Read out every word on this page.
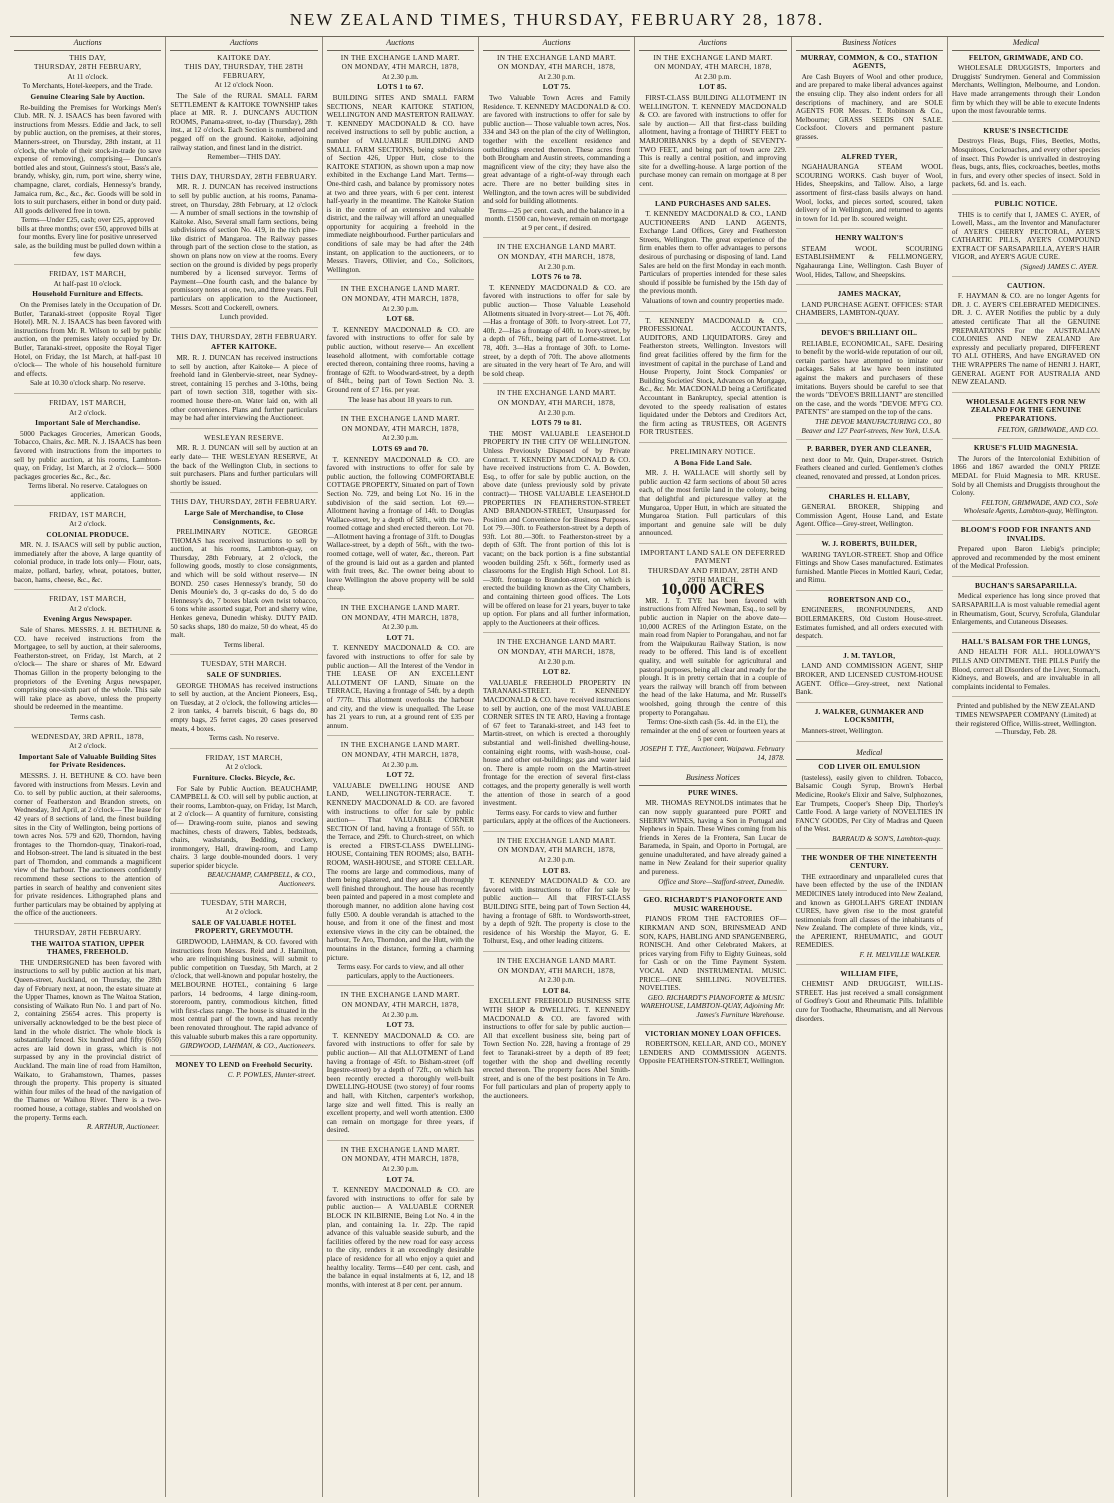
NEW ZEALAND TIMES, THURSDAY, FEBRUARY 28, 1878.
Auctions
THIS DAY,
THURSDAY, 28TH FEBRUARY,
At 11 o'clock.
To Merchants, Hotel-keepers, and the Trade.
Genuine Clearing Sale by Auction.
Re-building the Premises for Workings Men's Club. MR. N. J. ISAACS has been favored with instructions from Messrs. Eddie and Jack, to sell by public auction, on the premises, at their stores, Manners-street, on Thursday, 28th instant, at 11 o'clock, the whole of their stock-in-trade (to save expense of removing), comprising— Duncan's bottled ales and stout, Guinness's stout, Bass's ale, brandy, whisky, gin, rum, port wine, sherry wine, champagne, claret, cordials, Hennessy's brandy, Jamaica rum, &c., &c., &c. Goods will be sold in lots to suit purchasers, either in bond or duty paid. All goods delivered free in town.
Terms—Under £25, cash; over £25, approved bills at three months; over £50, approved bills at four months. Every line for positive unreserved sale, as the building must be pulled down within a few days.
FRIDAY, 1ST MARCH,
At half-past 10 o'clock.
Household Furniture and Effects.
On the Premises lately in the Occupation of Dr. Butler, Taranaki-street (opposite Royal Tiger Hotel). MR. N. J. ISAACS has been favored with instructions from Mr. R. Wilson to sell by public auction, on the premises lately occupied by Dr. Butler, Taranaki-street, opposite the Royal Tiger Hotel, on Friday, the 1st March, at half-past 10 o'clock— The whole of his household furniture and effects.
Sale at 10.30 o'clock sharp. No reserve.
FRIDAY, 1ST MARCH,
At 2 o'clock.
Important Sale of Merchandise.
5000 Packages Groceries, American Goods, Tobacco, Chairs, &c. MR. N. J. ISAACS has been favored with instructions from the importers to sell by public auction, at his rooms, Lambton-quay, on Friday, 1st March, at 2 o'clock— 5000 packages groceries &c., &c., &c.
Terms liberal. No reserve. Catalogues on application.
FRIDAY, 1ST MARCH,
At 2 o'clock.
COLONIAL PRODUCE.
MR. N. J. ISAACS will sell by public auction, immediately after the above, A large quantity of colonial produce, in trade lots only— Flour, oats, maize, pollard, barley, wheat, potatoes, butter, bacon, hams, cheese, &c., &c.
FRIDAY, 1ST MARCH,
At 2 o'clock.
Evening Argus Newspaper.
Sale of Shares. MESSRS. J. H. BETHUNE & CO. have received instructions from the Mortgagee, to sell by auction, at their salerooms, Featherston-street, on Friday, 1st March, at 2 o'clock— The share or shares of Mr. Edward Thomas Gillon in the property belonging to the proprietors of the Evening Argus newspaper, comprising one-sixth part of the whole. This sale will take place as above, unless the property should be redeemed in the meantime.
Terms cash.
WEDNESDAY, 3RD APRIL, 1878,
At 2 o'clock.
Important Sale of Valuable Building Sites for Private Residences.
MESSRS. J. H. BETHUNE & CO. have been favored with instructions from Messrs. Levin and Co. to sell by public auction, at their salerooms, corner of Featherston and Brandon streets, on Wednesday, 3rd April, at 2 o'clock— The lease for 42 years of 8 sections of land, the finest building sites in the City of Wellington, being portions of town acres Nos. 579 and 620, Thorndon, having frontages to the Thorndon-quay, Tinakori-road, and Hobson-street. The land is situated in the best part of Thorndon, and commands a magnificent view of the harbour. The auctioneers confidently recommend these sections to the attention of parties in search of healthy and convenient sites for private residences. Lithographed plans and further particulars may be obtained by applying at the office of the auctioneers.
THURSDAY, 28TH FEBRUARY.
THE WAITOA STATION, UPPER THAMES, FREEHOLD.
THE UNDERSIGNED has been favored with instructions to sell by public auction at his mart, Queen-street, Auckland, on Thursday, the 28th day of February next, at noon, the estate situate at the Upper Thames, known as The Waitoa Station, consisting of Waikato Run No. 1 and part of No. 2, containing 25654 acres. This property is universally acknowledged to be the best piece of land in the whole district. The whole block is substantially fenced. Six hundred and fifty (650) acres are laid down in grass, which is not surpassed by any in the provincial district of Auckland. The main line of road from Hamilton, Waikato, to Grahamstown, Thames, passes through the property. This property is situated within four miles of the head of the navigation of the Thames or Waihou River. There is a two-roomed house, a cottage, stables and woolshed on the property. Terms each.
R. ARTHUR, Auctioneer.
Auctions
KAITOKE DAY.
THIS DAY, THURSDAY, THE 28TH FEBRUARY,
At 12 o'clock Noon.
The Sale of the RURAL SMALL FARM SETTLEMENT & KAITOKE TOWNSHIP takes place at MR. R. J. DUNCAN'S AUCTION ROOMS, Panama-street, to-day (Thursday), 28th inst., at 12 o'clock. Each Section is numbered and pegged off on the ground. Kaitoke, adjoining railway station, and finest land in the district.
Remember—THIS DAY.
THIS DAY, THURSDAY, 28TH FEBRUARY.
MR. R. J. DUNCAN has received instructions to sell by public auction, at his rooms, Panama-street, on Thursday, 28th February, at 12 o'clock— A number of small sections in the township of Kaitoke. Also, Several small farm sections, being subdivisions of section No. 419, in the rich pine-like district of Mangaroa. The Railway passes through part of the section close to the station, as shown on plans now on view at the rooms. Every section on the ground is divided by pegs properly numbered by a licensed surveyor. Terms of Payment—One fourth cash, and the balance by promissory notes at one, two, and three years. Full particulars on application to the Auctioneer, Messrs. Scott and Cockerell, owners.
Lunch provided.
THIS DAY, THURSDAY, 28TH FEBRUARY.
AFTER KAITOKE.
MR. R. J. DUNCAN has received instructions to sell by auction, after Kaitoke— A piece of freehold land in Glenbervie-street, near Sydney-street, containing 15 perches and 3-10ths, being part of town section 318, together with six-roomed house there-on. Water laid on, with all other conveniences. Plans and further particulars may be had after interviewing the Auctioneer.
WESLEYAN RESERVE.
MR. R. J. DUNCAN will sell by auction at an early date— THE WESLEYAN RESERVE, At the back of the Wellington Club, in sections to suit purchasers. Plans and further particulars will shortly be issued.
THIS DAY, THURSDAY, 28TH FEBRUARY.
Large Sale of Merchandise, to Close Consignments, &c.
PRELIMINARY NOTICE. GEORGE THOMAS has received instructions to sell by auction, at his rooms, Lambton-quay, on Thursday, 28th February, at 2 o'clock, the following goods, mostly to close consignments, and which will be sold without reserve— IN BOND. 250 cases Hennessy's brandy, 50 do Denis Mounie's do, 3 qr-casks do do, 5 do do Hennessy's do, 7 boxes black own twist tobacco, 6 tons white assorted sugar, Port and sherry wine, Henkes geneva, Dunedin whisky. DUTY PAID. 50 sacks shaps, 180 do maize, 50 do wheat, 45 do malt.
Terms liberal.
TUESDAY, 5TH MARCH.
SALE OF SUNDRIES.
GEORGE THOMAS has received instructions to sell by auction, at the Ancient Pioneers, Esq., on Tuesday, at 2 o'clock, the following articles— 2 iron tanks, 4 barrels biscuit, 6 bags do, 80 empty bags, 25 ferret cages, 20 cases preserved meats, 4 boxes.
Terms cash. No reserve.
FRIDAY, 1ST MARCH,
At 2 o'clock.
Furniture. Clocks. Bicycle, &c.
For Sale by Public Auction. BEAUCHAMP, CAMPBELL & CO. will sell by public auction, at their rooms, Lambton-quay, on Friday, 1st March, at 2 o'clock— A quantity of furniture, consisting of— Drawing-room suite, pianos and sewing machines, chests of drawers, Tables, bedsteads, chairs, washstands, Bedding, crockery, ironmongery, Hall, drawing-room, and Lamp chairs. 3 large double-mounded doors. 1 very superior spider bicycle.
BEAUCHAMP, CAMPBELL, & CO., Auctioneers.
TUESDAY, 5TH MARCH,
At 2 o'clock.
SALE OF VALUABLE HOTEL PROPERTY, GREYMOUTH.
GIRDWOOD, LAHMAN, & CO. favored with instructions from Messrs. Reid and J. Hamilton, who are relinquishing business, will submit to public competition on Tuesday, 5th March, at 2 o'clock, that well-known and popular hostelry, the MELBOURNE HOTEL, containing 6 large parlors, 14 bedrooms, 4 large dining-room, storeroom, pantry, commodious kitchen, fitted with first-class range. The house is situated in the most central part of the town, and has recently been renovated throughout. The rapid advance of this valuable suburb makes this a rare opportunity.
GIRDWOOD, LAHMAN, & CO., Auctioneers.
MONEY TO LEND on Freehold Security.
C. P. POWLES, Hunter-street.
Auctions
IN THE EXCHANGE LAND MART.
ON MONDAY, 4TH MARCH, 1878,
At 2.30 p.m.
LOTS 1 to 67.
BUILDING SITES AND SMALL FARM SECTIONS, NEAR KAITOKE STATION, WELLINGTON AND MASTERTON RAILWAY. T. KENNEDY MACDONALD & CO. have received instructions to sell by public auction, a number of VALUABLE BUILDING AND SMALL FARM SECTIONS, being subdivisions of Section 426, Upper Hutt, close to the KAITOKE STATION, as shown upon a map now exhibited in the Exchange Land Mart. Terms—One-third cash, and balance by promissory notes at two and three years, with 6 per cent. interest half-yearly in the meantime. The Kaitoke Station is in the centre of an extensive and valuable district, and the railway will afford an unequalled opportunity for acquiring a freehold in the immediate neighbourhood. Further particulars and conditions of sale may be had after the 24th instant, on application to the auctioneers, or to Messrs. Travers, Ollivier, and Co., Solicitors, Wellington.
IN THE EXCHANGE LAND MART.
ON MONDAY, 4TH MARCH, 1878,
At 2.30 p.m.
LOT 68.
T. KENNEDY MACDONALD & CO. are favored with instructions to offer for sale by public auction, without reserve— An excellent leasehold allotment, with comfortable cottage erected thereon, containing three rooms, having a frontage of 62ft. to Woodward-street, by a depth of 84ft., being part of Town Section No. 3. Ground rent of £7 16s. per year.
The lease has about 18 years to run.
IN THE EXCHANGE LAND MART.
ON MONDAY, 4TH MARCH, 1878,
At 2.30 p.m.
LOTS 69 and 70.
T. KENNEDY MACDONALD & CO. are favored with instructions to offer for sale by public auction, the following COMFORTABLE COTTAGE PROPERTY, Situated on part of Town Section No. 729, and being Lot No. 16 in the subdivision of the said section. Lot 69.—Allotment having a frontage of 14ft. to Douglas Wallace-street, by a depth of 58ft., with the two-roomed cottage and shed erected thereon. Lot 70.—Allotment having a frontage of 31ft. to Douglas Wallace-street, by a depth of 56ft., with the two-roomed cottage, well of water, &c., thereon. Part of the ground is laid out as a garden and planted with fruit trees, &c. The owner being about to leave Wellington the above property will be sold cheap.
IN THE EXCHANGE LAND MART.
ON MONDAY, 4TH MARCH, 1878,
At 2.30 p.m.
LOT 71.
T. KENNEDY MACDONALD & CO. are favored with instructions to offer for sale by public auction— All the Interest of the Vendor in THE LEASE OF AN EXCELLENT ALLOTMENT OF LAND, Situate on the TERRACE, Having a frontage of 54ft. by a depth of 777ft. This allotment overlooks the harbour and city, and the view is unequalled. The Lease has 21 years to run, at a ground rent of £35 per annum.
IN THE EXCHANGE LAND MART.
ON MONDAY, 4TH MARCH, 1878,
At 2.30 p.m.
LOT 72.
VALUABLE DWELLING HOUSE AND LAND, WELLINGTON-TERRACE. T. KENNEDY MACDONALD & CO. are favored with instructions to offer for sale by public auction— That VALUABLE CORNER SECTION Of land, having a frontage of 55ft. to the Terrace, and 29ft. to Church-street, on which is erected a FIRST-CLASS DWELLING-HOUSE, Containing TEN ROOMS; also, BATH-ROOM, WASH-HOUSE, and STORE CELLAR. The rooms are large and commodious, many of them being plastered, and they are all thoroughly well finished throughout. The house has recently been painted and papered in a most complete and thorough manner, no addition alone having cost fully £500. A double verandah is attached to the house, and from it one of the finest and most extensive views in the city can be obtained, the harbour, Te Aro, Thorndon, and the Hutt, with the mountains in the distance, forming a charming picture.
Terms easy. For cards to view, and all other particulars, apply to the Auctioneers.
IN THE EXCHANGE LAND MART.
ON MONDAY, 4TH MARCH, 1878,
At 2.30 p.m.
LOT 73.
T. KENNEDY MACDONALD & CO. are favored with instructions to offer for sale by public auction— All that ALLOTMENT of Land having a frontage of 45ft. to Bisham-street (off Ingestre-street) by a depth of 72ft., on which has been recently erected a thoroughly well-built DWELLING-HOUSE (two storey) of four rooms and hall, with Kitchen, carpenter's workshop, large size and well fitted. This is really an excellent property, and well worth attention. £300 can remain on mortgage for three years, if desired.
IN THE EXCHANGE LAND MART.
ON MONDAY, 4TH MARCH, 1878,
At 2.30 p.m.
LOT 74.
T. KENNEDY MACDONALD & CO. are favored with instructions to offer for sale by public auction— A VALUABLE CORNER BLOCK IN KILBIRNIE, Being Lot No. 4 in the plan, and containing 1a. 1r. 22p. The rapid advance of this valuable seaside suburb, and the facilities offered by the new road for easy access to the city, renders it an exceedingly desirable place of residence for all who enjoy a quiet and healthy locality. Terms—£40 per cent. cash, and the balance in equal instalments at 6, 12, and 18 months, with interest at 8 per cent. per annum.
Auctions
IN THE EXCHANGE LAND MART.
ON MONDAY, 4TH MARCH, 1878,
At 2.30 p.m.
LOT 75.
Two Valuable Town Acres and Family Residence. T. KENNEDY MACDONALD & CO. are favored with instructions to offer for sale by public auction— Those valuable town acres, Nos. 334 and 343 on the plan of the city of Wellington, together with the excellent residence and outbuildings erected thereon. These acres front both Brougham and Austin streets, commanding a magnificent view of the city; they have also the great advantage of a right-of-way through each acre. There are no better building sites in Wellington, and the town acres will be subdivided and sold for building allotments.
Terms—25 per cent. cash, and the balance in a month. £1500 can, however, remain on mortgage at 9 per cent., if desired.
IN THE EXCHANGE LAND MART.
ON MONDAY, 4TH MARCH, 1878,
At 2.30 p.m.
LOTS 76 to 78.
T. KENNEDY MACDONALD & CO. are favored with instructions to offer for sale by public auction— Those Valuable Leasehold Allotments situated in Ivory-street— Lot 76, 40ft.—Has a frontage of 30ft. to Ivory-street. Lot 77, 40ft. 2—Has a frontage of 40ft. to Ivory-street, by a depth of 76ft., being part of Lorne-street. Lot 78, 40ft. 3—Has a frontage of 30ft. to Lorne-street, by a depth of 70ft. The above allotments are situated in the very heart of Te Aro, and will be sold cheap.
IN THE EXCHANGE LAND MART.
ON MONDAY, 4TH MARCH, 1878,
At 2.30 p.m.
LOTS 79 to 81.
THE MOST VALUABLE LEASEHOLD PROPERTY IN THE CITY OF WELLINGTON. Unless Previously Disposed of by Private Contract. T. KENNEDY MACDONALD & CO. have received instructions from C. A. Bowden, Esq., to offer for sale by public auction, on the above date (unless previously sold by private contract)— THOSE VALUABLE LEASEHOLD PROPERTIES IN FEATHERSTON-STREET AND BRANDON-STREET, Unsurpassed for Position and Convenience for Business Purposes. Lot 79.—30ft. to Featherston-street by a depth of 93ft. Lot 80.—30ft. to Featherston-street by a depth of 63ft. The front portion of this lot is vacant; on the back portion is a fine substantial wooden building 25ft. x 56ft., formerly used as classrooms for the English High School. Lot 81.—30ft. frontage to Brandon-street, on which is erected the building known as the City Chambers, and containing thirteen good offices. The Lots will be offered on lease for 21 years, buyer to take up option. For plans and all further information, apply to the Auctioneers at their offices.
IN THE EXCHANGE LAND MART.
ON MONDAY, 4TH MARCH, 1878,
At 2.30 p.m.
LOT 82.
VALUABLE FREEHOLD PROPERTY IN TARANAKI-STREET. T. KENNEDY MACDONALD & CO. have received instructions to sell by auction, one of the most VALUABLE CORNER SITES IN TE ARO, Having a frontage of 67 feet to Taranaki-street, and 143 feet to Martin-street, on which is erected a thoroughly substantial and well-finished dwelling-house, containing eight rooms, with wash-house, coal-house and other out-buildings; gas and water laid on. There is ample room on the Martin-street frontage for the erection of several first-class cottages, and the property generally is well worth the attention of those in search of a good investment.
Terms easy. For cards to view and further particulars, apply at the offices of the Auctioneers.
IN THE EXCHANGE LAND MART.
ON MONDAY, 4TH MARCH, 1878,
At 2.30 p.m.
LOT 83.
T. KENNEDY MACDONALD & CO. are favored with instructions to offer for sale by public auction— All that FIRST-CLASS BUILDING SITE, being part of Town Section 44, having a frontage of 68ft. to Wordsworth-street, by a depth of 92ft. The property is close to the residence of his Worship the Mayor, G. E. Tolhurst, Esq., and other leading citizens.
IN THE EXCHANGE LAND MART.
ON MONDAY, 4TH MARCH, 1878,
At 2.30 p.m.
LOT 84.
EXCELLENT FREEHOLD BUSINESS SITE WITH SHOP & DWELLING. T. KENNEDY MACDONALD & CO. are favored with instructions to offer for sale by public auction— All that excellent business site, being part of Town Section No. 228, having a frontage of 29 feet to Taranaki-street by a depth of 89 feet; together with the shop and dwelling recently erected thereon. The property faces Abel Smith-street, and is one of the best positions in Te Aro. For full particulars and plan of property apply to the auctioneers.
Auctions
IN THE EXCHANGE LAND MART.
ON MONDAY, 4TH MARCH, 1878,
At 2.30 p.m.
LOT 85.
FIRST-CLASS BUILDING ALLOTMENT IN WELLINGTON. T. KENNEDY MACDONALD & CO. are favored with instructions to offer for sale by auction— All that first-class building allotment, having a frontage of THIRTY FEET to MARJORIBANKS by a depth of SEVENTY-TWO FEET, and being part of town acre 229. This is really a central position, and improving site for a dwelling-house. A large portion of the purchase money can remain on mortgage at 8 per cent.
LAND PURCHASES AND SALES.
T. KENNEDY MACDONALD & CO., LAND AUCTIONEERS AND LAND AGENTS, Exchange Land Offices, Grey and Featherston Streets, Wellington. The great experience of the firm enables them to offer advantages to persons desirous of purchasing or disposing of land. Land Sales are held on the first Monday in each month. Particulars of properties intended for these sales should if possible be furnished by the 15th day of the previous month.
Valuations of town and country properties made.
T. KENNEDY MACDONALD & CO., PROFESSIONAL ACCOUNTANTS, AUDITORS, AND LIQUIDATORS. Grey and Featherston streets, Wellington. Investors will find great facilities offered by the firm for the investment of capital in the purchase of Land and House Property, Joint Stock Companies' or Building Societies' Stock, Advances on Mortgage, &c., &c. Mr. MACDONALD being a Certificated Accountant in Bankruptcy, special attention is devoted to the speedy realisation of estates liquidated under the Debtors and Creditors Act, the firm acting as TRUSTEES, OR AGENTS FOR TRUSTEES.
PRELIMINARY NOTICE.
A Bona Fide Land Sale.
MR. J. H. WALLACE will shortly sell by public auction 42 farm sections of about 50 acres each, of the most fertile land in the colony, being that delightful and picturesque valley at the Mungaroa, Upper Hutt, in which are situated the Mungaroa Station. Full particulars of this important and genuine sale will be duly announced.
IMPORTANT LAND SALE ON DEFERRED PAYMENT
THURSDAY AND FRIDAY, 28TH AND 29TH MARCH.
10,000 ACRES
MR. J. T. TYE has been favored with instructions from Alfred Newman, Esq., to sell by public auction in Napier on the above date— 10,000 ACRES of the Arlington Estate, on the main road from Napier to Porangahau, and not far from the Waipukurau Railway Station, is now ready to be offered. This land is of excellent quality, and well suitable for agricultural and pastoral purposes, being all clear and ready for the plough. It is in pretty certain that in a couple of years the railway will branch off from between the head of the lake Hatuma, and Mr. Russell's woolshed, going through the centre of this property to Porangahau.
Terms: One-sixth cash (5s. 4d. in the £1), the remainder at the end of seven or fourteen years at 5 per cent.
JOSEPH T. TYE, Auctioneer, Waipawa. February 14, 1878.
Business Notices
PURE WINES.
MR. THOMAS REYNOLDS intimates that he can now supply guaranteed pure PORT and SHERRY WINES, having a Son in Portugal and Nephews in Spain. These Wines coming from his friends in Xeres de la Frontera, San Lucar de Barameda, in Spain, and Oporto in Portugal, are genuine unadulterated, and have already gained a name in New Zealand for their superior quality and pureness.
Office and Store—Stafford-street, Dunedin.
GEO. RICHARDT'S PIANOFORTE AND MUSIC WAREHOUSE.
PIANOS FROM THE FACTORIES OF— KIRKMAN AND SON, BRINSMEAD AND SON, KAPS, HABLING AND SPANGENBERG, RONISCH. And other Celebrated Makers, at prices varying from Fifty to Eighty Guineas, sold for Cash or on the Time Payment System. VOCAL AND INSTRUMENTAL MUSIC. PRICE—ONE SHILLING. NOVELTIES. NOVELTIES.
GEO. RICHARDT'S PIANOFORTE & MUSIC WAREHOUSE, LAMBTON-QUAY, Adjoining Mr. James's Furniture Warehouse.
VICTORIAN MONEY LOAN OFFICES.
ROBERTSON, KELLAR, AND CO., MONEY LENDERS AND COMMISSION AGENTS. Opposite FEATHERSTON-STREET, Wellington.
Business Notices
MURRAY, COMMON, & CO., STATION AGENTS,
Are Cash Buyers of Wool and other produce, and are prepared to make liberal advances against the ensuing clip. They also indent orders for all descriptions of machinery, and are SOLE AGENTS FOR Messrs. T. Robinson & Co., Melbourne; GRASS SEEDS ON SALE. Cocksfoot. Clovers and permanent pasture grasses.
ALFRED TYER,
NGAHAURANGA STEAM WOOL SCOURING WORKS. Cash buyer of Wool, Hides, Sheepskins, and Tallow. Also, a large assortment of first-class basils always on hand. Wool, locks, and pieces sorted, scoured, taken delivery of in Wellington, and returned to agents in town for 1d. per lb. scoured weight.
HENRY WALTON'S
STEAM WOOL SCOURING ESTABLISHMENT & FELLMONGERY, Ngahauranga Line, Wellington. Cash Buyer of Wool, Hides, Tallow, and Sheepskins.
JAMES MACKAY,
LAND PURCHASE AGENT. OFFICES: STAR CHAMBERS, LAMBTON-QUAY.
DEVOE'S BRILLIANT OIL.
RELIABLE, ECONOMICAL, SAFE. Desiring to benefit by the world-wide reputation of our oil, certain parties have attempted to imitate our packages. Sales at law have been instituted against the makers and purchasers of these imitations. Buyers should be careful to see that the words "DEVOE'S BRILLIANT" are stencilled on the case, and the words "DEVOE M'F'G CO. PATENTS" are stamped on the top of the cans.
THE DEVOE MANUFACTURING CO., 80 Beaver and 127 Pearl-streets, New York, U.S.A.
P. BARBER, DYER AND CLEANER,
next door to Mr. Quin, Draper-street. Ostrich Feathers cleaned and curled. Gentlemen's clothes cleaned, renovated and pressed, at London prices.
CHARLES H. ELLABY,
GENERAL BROKER, Shipping and Commission Agent, House Land, and Estate Agent. Office—Grey-street, Wellington.
W. J. ROBERTS, BUILDER,
WARING TAYLOR-STREET. Shop and Office Fittings and Show Cases manufactured. Estimates furnished. Mantle Pieces in Mottled Kauri, Cedar, and Rimu.
ROBERTSON AND CO.,
ENGINEERS, IRONFOUNDERS, AND BOILERMAKERS, Old Custom House-street. Estimates furnished, and all orders executed with despatch.
J. M. TAYLOR,
LAND AND COMMISSION AGENT, SHIP BROKER, AND LICENSED CUSTOM-HOUSE AGENT. Office—Grey-street, next National Bank.
J. WALKER, GUNMAKER AND LOCKSMITH,
Manners-street, Wellington.
Medical
COD LIVER OIL EMULSION
(tasteless), easily given to children. Tobacco, Balsamic Cough Syrup, Brown's Herbal Medicine, Rooke's Elixir and Salve, Sulphozones, Ear Trumpets, Cooper's Sheep Dip, Thorley's Cattle Food. A large variety of NOVELTIES IN FANCY GOODS, Per City of Madras and Queen of the West.
BARRAUD & SON'S, Lambton-quay.
THE WONDER OF THE NINETEENTH CENTURY.
THE extraordinary and unparalleled cures that have been effected by the use of the INDIAN MEDICINES lately introduced into New Zealand, and known as GHOLLAH'S GREAT INDIAN CURES, have given rise to the most grateful testimonials from all classes of the inhabitants of New Zealand. The complete of three kinds, viz., the APERIENT, RHEUMATIC, and GOUT REMEDIES.
F. H. MELVILLE WALKER.
WILLIAM FIFE,
CHEMIST AND DRUGGIST, WILLIS-STREET. Has just received a small consignment of Godfrey's Gout and Rheumatic Pills. Infallible cure for Toothache, Rheumatism, and all Nervous disorders.
Medical
FELTON, GRIMWADE, AND CO.
WHOLESALE DRUGGISTS, Importers and Druggists' Sundrymen. General and Commission Merchants, Wellington, Melbourne, and London. Have made arrangements through their London firm by which they will be able to execute Indents upon the most favourable terms.
KRUSE'S INSECTICIDE
Destroys Fleas, Bugs, Flies, Beetles, Moths, Mosquitoes, Cockroaches, and every other species of insect. This Powder is unrivalled in destroying fleas, bugs, ants, flies, cockroaches, beetles, moths in furs, and every other species of insect. Sold in packets, 6d. and 1s. each.
PUBLIC NOTICE.
THIS is to certify that I, JAMES C. AYER, of Lowell, Mass., am the Inventor and Manufacturer of AYER'S CHERRY PECTORAL, AYER'S CATHARTIC PILLS, AYER'S COMPOUND EXTRACT OF SARSAPARILLA, AYER'S HAIR VIGOR, and AYER'S AGUE CURE.
(Signed) JAMES C. AYER.
CAUTION.
F. HAYMAN & CO. are no longer Agents for DR. J. C. AYER'S CELEBRATED MEDICINES. DR. J. C. AYER Notifies the public by a duly attested certificate That all the GENUINE PREPARATIONS For the AUSTRALIAN COLONIES AND NEW ZEALAND Are expressly and peculiarly prepared, DIFFERENT TO ALL OTHERS, And have ENGRAVED ON THE WRAPPERS The name of HENRI J. HART, GENERAL AGENT FOR AUSTRALIA AND NEW ZEALAND.
WHOLESALE AGENTS FOR NEW ZEALAND FOR THE GENUINE PREPARATIONS.
FELTON, GRIMWADE, AND CO.
KRUSE'S FLUID MAGNESIA.
The Jurors of the Intercolonial Exhibition of 1866 and 1867 awarded the ONLY PRIZE MEDAL for Fluid Magnesia to MR. KRUSE. Sold by all Chemists and Druggists throughout the Colony.
FELTON, GRIMWADE, AND CO., Sole Wholesale Agents, Lambton-quay, Wellington.
BLOOM'S FOOD FOR INFANTS AND INVALIDS.
Prepared upon Baron Liebig's principle; approved and recommended by the most eminent of the Medical Profession.
BUCHAN'S SARSAPARILLA.
Medical experience has long since proved that SARSAPARILLA is most valuable remedial agent in Rheumatism, Gout, Scurvy, Scrofula, Glandular Enlargements, and Cutaneous Diseases.
HALL'S BALSAM FOR THE LUNGS,
AND HEALTH FOR ALL. HOLLOWAY'S PILLS AND OINTMENT. THE PILLS Purify the Blood, correct all Disorders of the Liver, Stomach, Kidneys, and Bowels, and are invaluable in all complaints incidental to Females.
Printed and published by the NEW ZEALAND TIMES NEWSPAPER COMPANY (Limited) at their registered Office, Willis-street, Wellington.—Thursday, Feb. 28.
